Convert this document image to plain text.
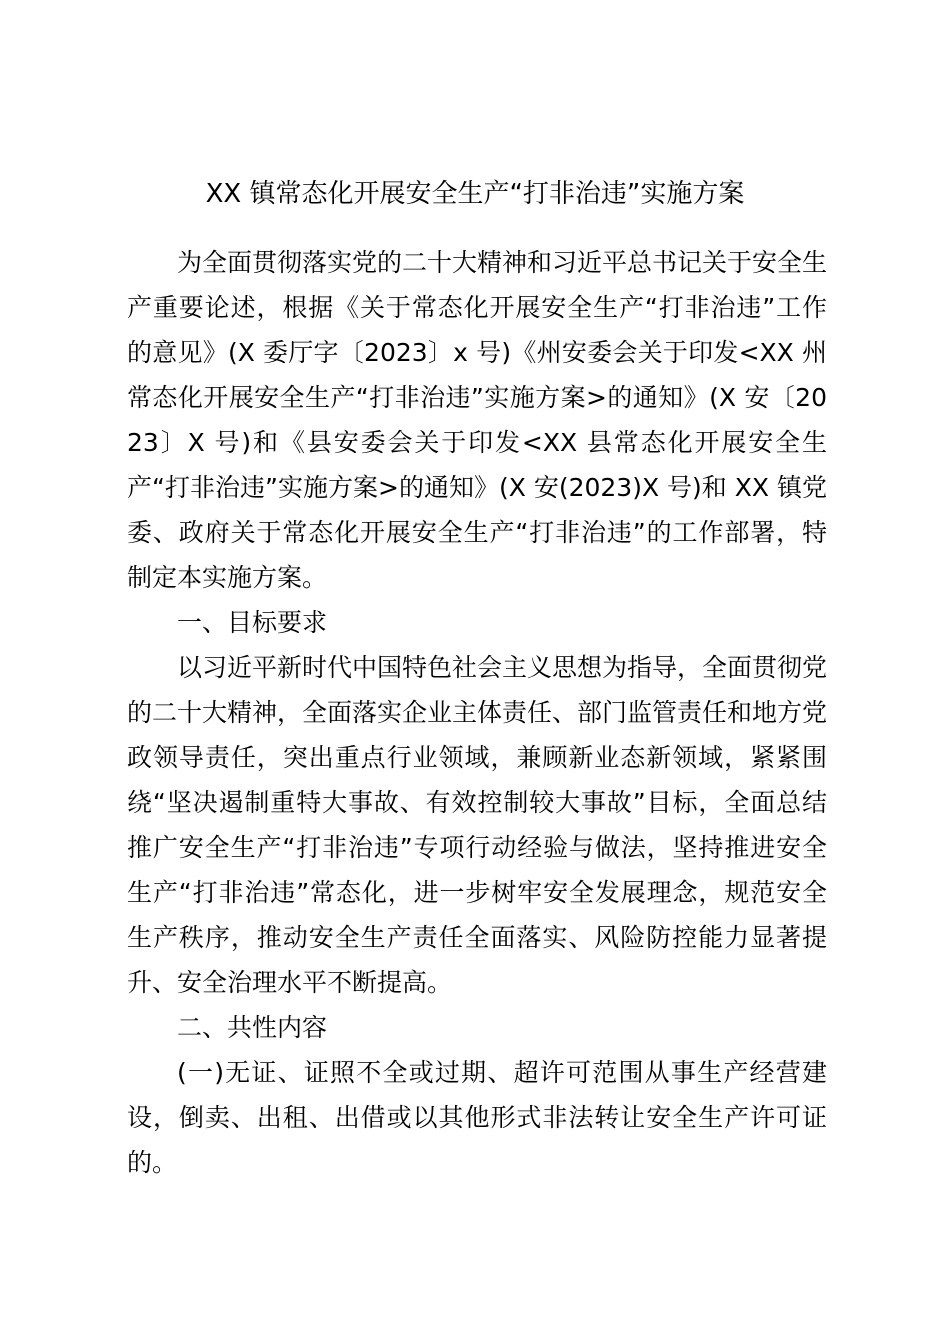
XX 镇常态化开展安全生产“打非治违”实施方案

为全面贯彻落实党的二十大精神和习近平总书记关于安全生产重要论述，根据《关于常态化开展安全生产“打非治违”工作的意见》(X 委厅字〔2023〕x 号)《州安委会关于印发<XX 州常态化开展安全生产“打非治违”实施方案>的通知》(X 安〔2023〕X 号)和《县安委会关于印发<XX 县常态化开展安全生产“打非治违”实施方案>的通知》(X 安(2023)X 号)和 XX 镇党委、政府关于常态化开展安全生产“打非治违”的工作部署，特制定本实施方案。

一、目标要求

以习近平新时代中国特色社会主义思想为指导，全面贯彻党的二十大精神，全面落实企业主体责任、部门监管责任和地方党政领导责任，突出重点行业领域，兼顾新业态新领域，紧紧围绕“坚决遏制重特大事故、有效控制较大事故”目标，全面总结推广安全生产“打非治违”专项行动经验与做法，坚持推进安全生产“打非治违”常态化，进一步树牢安全发展理念，规范安全生产秩序，推动安全生产责任全面落实、风险防控能力显著提升、安全治理水平不断提高。

二、共性内容

(一)无证、证照不全或过期、超许可范围从事生产经营建设，倒卖、出租、出借或以其他形式非法转让安全生产许可证的。
